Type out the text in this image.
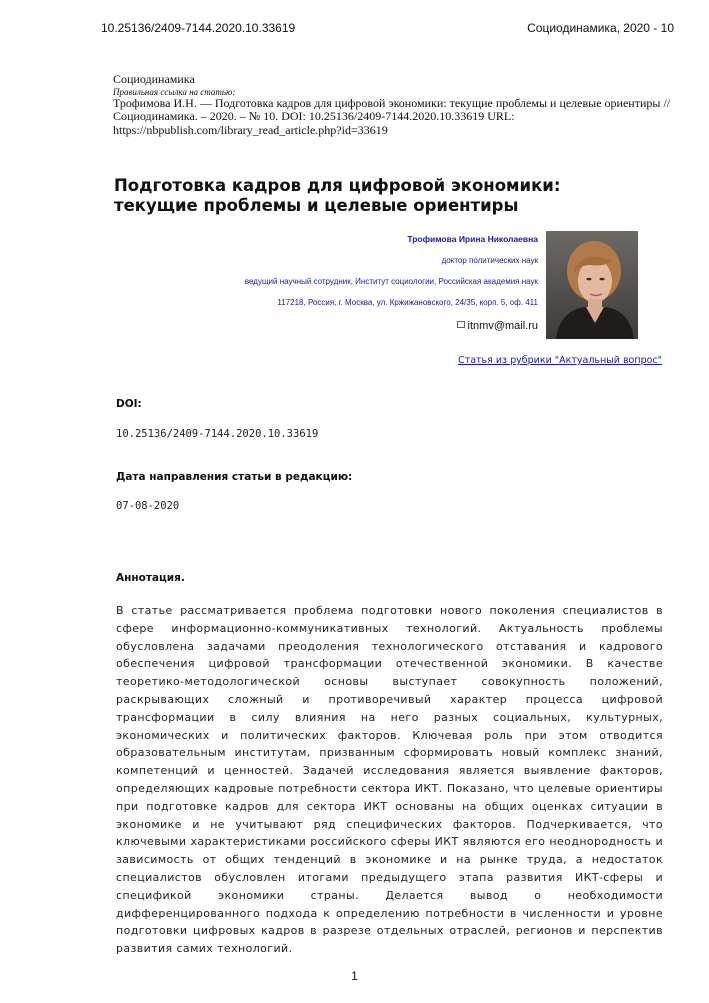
10.25136/2409-7144.2020.10.33619	Социодинамика, 2020 - 10
Социодинамика
Правильная ссылка на статью:
Трофимова И.Н. — Подготовка кадров для цифровой экономики: текущие проблемы и целевые ориентиры // Социодинамика. – 2020. – № 10. DOI: 10.25136/2409-7144.2020.10.33619 URL: https://nbpublish.com/library_read_article.php?id=33619
Подготовка кадров для цифровой экономики: текущие проблемы и целевые ориентиры
Трофимова Ирина Николаевна
доктор политических наук
ведущий научный сотрудник, Институт социологии, Российская академия наук
117218, Россия, г. Москва, ул. Кржижановского, 24/35, корп. 5, оф. 411
itnmv@mail.ru
Статья из рубрики "Актуальный вопрос"
DOI:
10.25136/2409-7144.2020.10.33619
Дата направления статьи в редакцию:
07-08-2020
Аннотация.
В статье рассматривается проблема подготовки нового поколения специалистов в сфере информационно-коммуникативных технологий. Актуальность проблемы обусловлена задачами преодоления технологического отставания и кадрового обеспечения цифровой трансформации отечественной экономики. В качестве теоретико-методологической основы выступает совокупность положений, раскрывающих сложный и противоречивый характер процесса цифровой трансформации в силу влияния на него разных социальных, культурных, экономических и политических факторов. Ключевая роль при этом отводится образовательным институтам, призванным сформировать новый комплекс знаний, компетенций и ценностей. Задачей исследования является выявление факторов, определяющих кадровые потребности сектора ИКТ. Показано, что целевые ориентиры при подготовке кадров для сектора ИКТ основаны на общих оценках ситуации в экономике и не учитывают ряд специфических факторов. Подчеркивается, что ключевыми характеристиками российского сферы ИКТ являются его неоднородность и зависимость от общих тенденций в экономике и на рынке труда, а недостаток специалистов обусловлен итогами предыдущего этапа развития ИКТ-сферы и спецификой экономики страны. Делается вывод о необходимости дифференцированного подхода к определению потребности в численности и уровне подготовки цифровых кадров в разрезе отдельных отраслей, регионов и перспектив развития самих технологий.
1
